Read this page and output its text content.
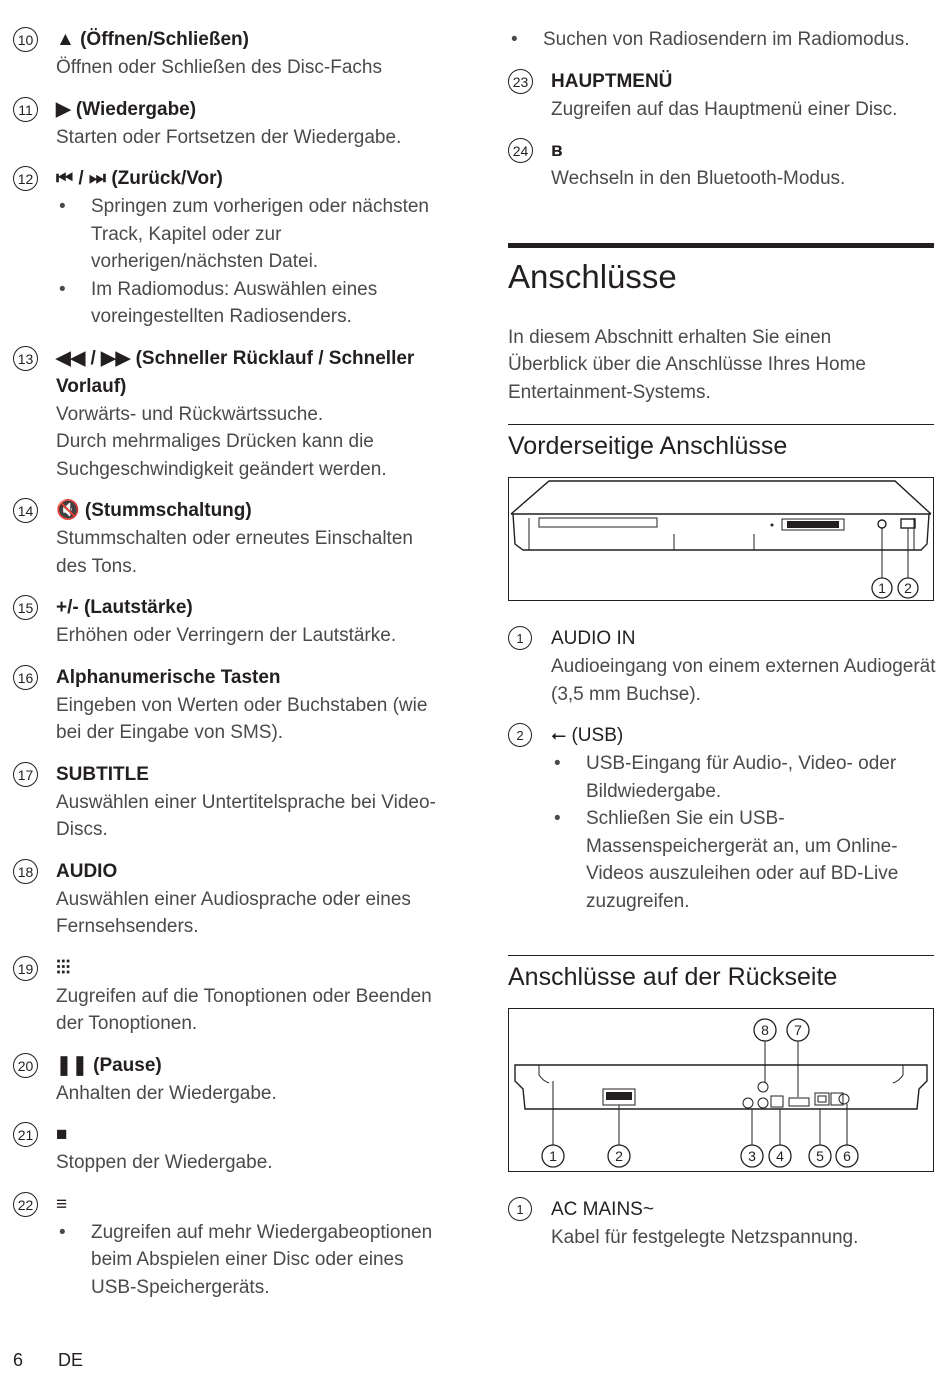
10 ▲ (Öffnen/Schließen)
Öffnen oder Schließen des Disc-Fachs
11 ▶ (Wiedergabe)
Starten oder Fortsetzen der Wiedergabe.
12 ⏮ / ⏭ (Zurück/Vor)
• Springen zum vorherigen oder nächsten Track, Kapitel oder zur vorherigen/nächsten Datei.
• Im Radiomodus: Auswählen eines voreingestellten Radiosenders.
13 ◀◀ / ▶▶ (Schneller Rücklauf / Schneller Vorlauf)
Vorwärts- und Rückwärtssuche.
Durch mehrmaliges Drücken kann die Suchgeschwindigkeit geändert werden.
14 🔇 (Stummschaltung)
Stummschalten oder erneutes Einschalten des Tons.
15 +/- (Lautstärke)
Erhöhen oder Verringern der Lautstärke.
16 Alphanumerische Tasten
Eingeben von Werten oder Buchstaben (wie bei der Eingabe von SMS).
17 SUBTITLE
Auswählen einer Untertitelsprache bei Video-Discs.
18 AUDIO
Auswählen einer Audiosprache oder eines Fernsehsenders.
19 ⫶⫶⫶
Zugreifen auf die Tonoptionen oder Beenden der Tonoptionen.
20 ❚❚ (Pause)
Anhalten der Wiedergabe.
21 ■
Stoppen der Wiedergabe.
22 ≡
• Zugreifen auf mehr Wiedergabeoptionen beim Abspielen einer Disc oder eines USB-Speichergeräts.
• Suchen von Radiosendern im Radiomodus.
23 HAUPTMENÜ
Zugreifen auf das Hauptmenü einer Disc.
24 ʙ
Wechseln in den Bluetooth-Modus.
Anschlüsse
In diesem Abschnitt erhalten Sie einen Überblick über die Anschlüsse Ihres Home Entertainment-Systems.
Vorderseitige Anschlüsse
.
1 2
1	AUDIO IN
Audioeingang von einem externen Audiogerät (3,5 mm Buchse).
2	⭠ (USB)
• USB-Eingang für Audio-, Video- oder Bildwiedergabe.
• Schließen Sie ein USB-Massenspeichergerät an, um Online-Videos auszuleihen oder auf BD-Live zuzugreifen.
Anschlüsse auf der Rückseite
8 7
1	2	3 4 5 6
1	AC MAINS~
Kabel für festgelegte Netzspannung.
6 DE
